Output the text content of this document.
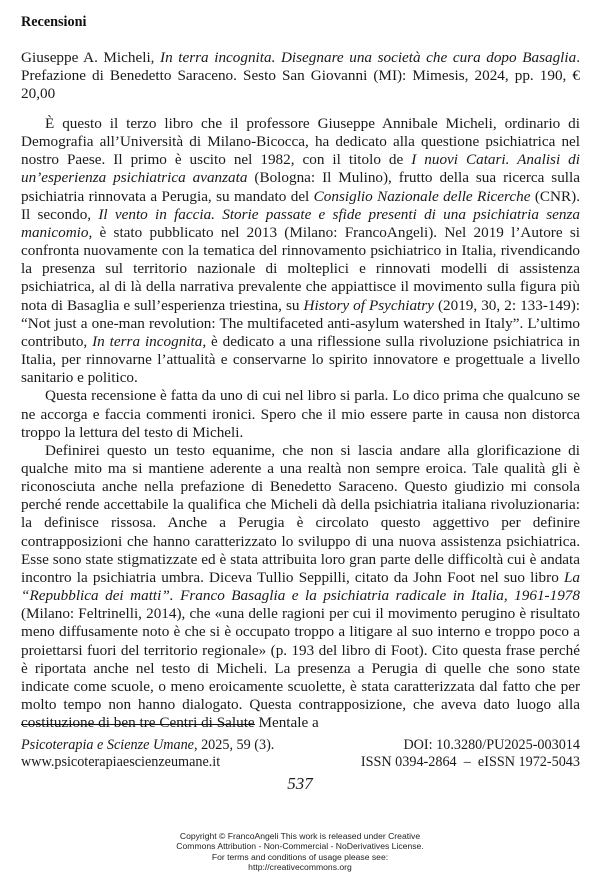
Recensioni
Giuseppe A. Micheli, In terra incognita. Disegnare una società che cura dopo Basaglia. Prefazione di Benedetto Saraceno. Sesto San Giovanni (MI): Mimesis, 2024, pp. 190, € 20,00

È questo il terzo libro che il professore Giuseppe Annibale Micheli, ordinario di Demografia all’Università di Milano-Bicocca, ha dedicato alla questione psichiatrica nel nostro Paese. Il primo è uscito nel 1982, con il titolo de I nuovi Catari. Analisi di un’esperienza psichiatrica avanzata (Bologna: Il Mulino), frutto della sua ricerca sulla psichiatria rinnovata a Perugia, su mandato del Consiglio Nazionale delle Ricerche (CNR). Il secondo, Il vento in faccia. Storie passate e sfide presenti di una psichiatria senza manicomio, è stato pubblicato nel 2013 (Milano: FrancoAngeli). Nel 2019 l’Autore si confronta nuovamente con la tematica del rinnovamento psichiatrico in Italia, rivendicando la presenza sul territorio nazionale di molteplici e rinnovati modelli di assistenza psichiatrica, al di là della narrativa prevalente che appiattisce il movimento sulla figura più nota di Basaglia e sull’esperienza triestina, su History of Psychiatry (2019, 30, 2: 133-149): “Not just a one-man revolution: The multifaceted anti-asylum watershed in Italy”. L’ultimo contributo, In terra incognita, è dedicato a una riflessione sulla rivoluzione psichiatrica in Italia, per rinnovarne l’attualità e conservarne lo spirito innovatore e progettuale a livello sanitario e politico.

Questa recensione è fatta da uno di cui nel libro si parla. Lo dico prima che qualcuno se ne accorga e faccia commenti ironici. Spero che il mio essere parte in causa non distorca troppo la lettura del testo di Micheli.

Definirei questo un testo equanime, che non si lascia andare alla glorificazione di qualche mito ma si mantiene aderente a una realtà non sempre eroica. Tale qualità gli è riconosciuta anche nella prefazione di Benedetto Saraceno. Questo giudizio mi consola perché rende accettabile la qualifica che Micheli dà della psichiatria italiana rivoluzionaria: la definisce rissosa. Anche a Perugia è circolato questo aggettivo per definire contrapposizioni che hanno caratterizzato lo sviluppo di una nuova assistenza psichiatrica. Esse sono state stigmatizzate ed è stata attribuita loro gran parte delle difficoltà cui è andata incontro la psichiatria umbra. Diceva Tullio Seppilli, citato da John Foot nel suo libro La “Repubblica dei matti”. Franco Basaglia e la psichiatria radicale in Italia, 1961-1978 (Milano: Feltrinelli, 2014), che «una delle ragioni per cui il movimento perugino è risultato meno diffusamente noto è che si è occupato troppo a litigare al suo interno e troppo poco a proiettarsi fuori del territorio regionale» (p. 193 del libro di Foot). Cito questa frase perché è riportata anche nel testo di Micheli. La presenza a Perugia di quelle che sono state indicate come scuole, o meno eroicamente scuolette, è stata caratterizzata dal fatto che per molto tempo non hanno dialogato. Questa contrapposizione, che aveva dato luogo alla costituzione di ben tre Centri di Salute Mentale a

Psicoterapia e Scienze Umane, 2025, 59 (3).
www.psicoterapiaescienzeumane.it
DOI: 10.3280/PU2025-003014
ISSN 0394-2864  –  eISSN 1972-5043
537
Copyright © FrancoAngeli This work is released under Creative
Commons Attribution - Non-Commercial - NoDerivatives License.
For terms and conditions of usage please see:
http://creativecommons.org
